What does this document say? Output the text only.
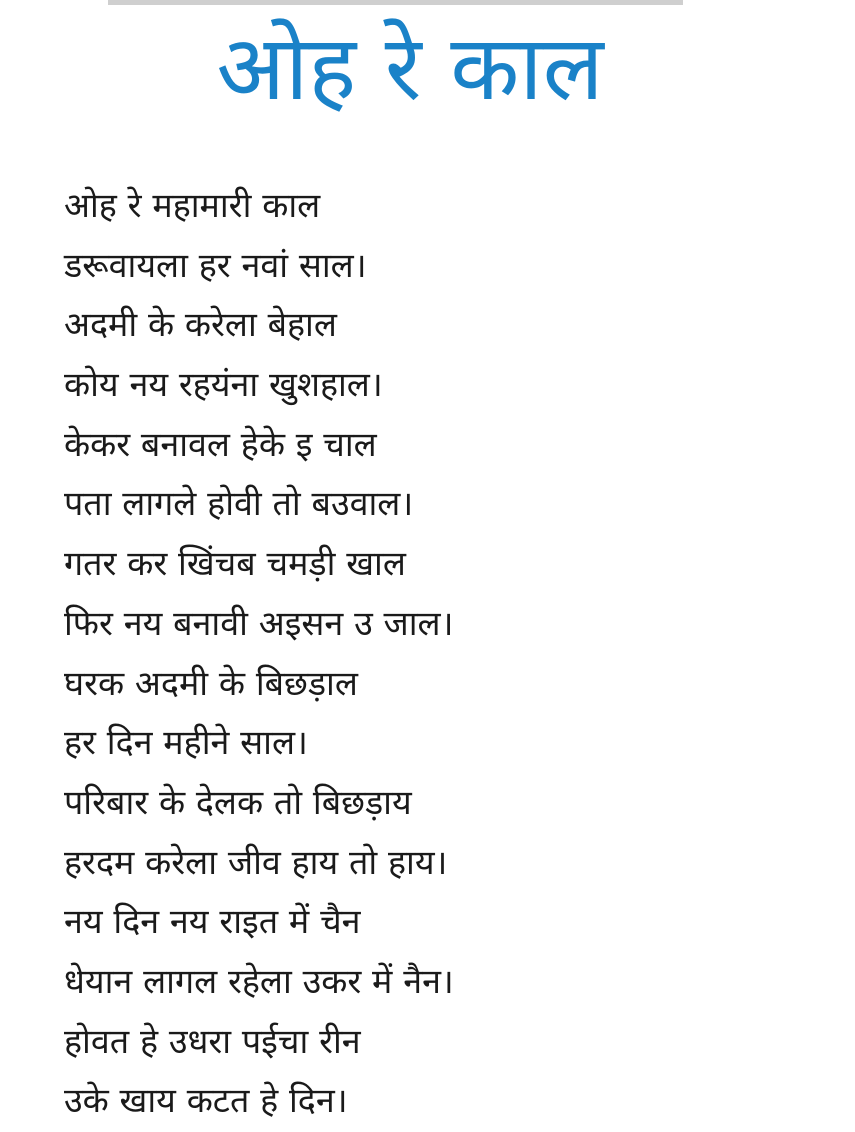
ओह रे काल
ओह रे महामारी काल
डरूवायला हर नवां साल।
अदमी के करेला बेहाल
कोय नय रहयंना खुशहाल।
केकर बनावल हेके इ चाल
पता लागले होवी तो बउवाल।
गतर कर खिंचब चमड़ी खाल
फिर नय बनावी अइसन उ जाल।
घरक अदमी के बिछड़ाल
हर दिन महीने साल।
परिबार के देलक तो बिछड़ाय
हरदम करेला जीव हाय तो हाय।
नय दिन नय राइत में चैन
धेयान लागल रहेला उकर में नैन।
होवत हे उधरा पईचा रीन
उके खाय कटत हे दिन।
